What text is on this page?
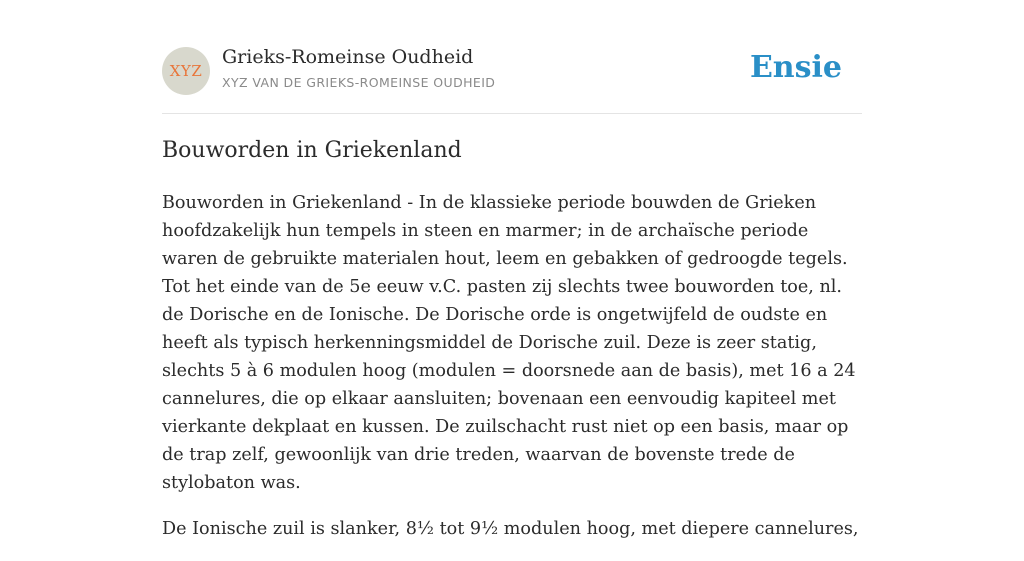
XYZ
Grieks-Romeinse Oudheid
XYZ VAN DE GRIEKS-ROMEINSE OUDHEID	Ensie
Bouworden in Griekenland

Bouworden in Griekenland - In de klassieke periode bouwden de Grieken hoofdzakelijk hun tempels in steen en marmer; in de archaïsche periode waren de gebruikte materialen hout, leem en gebakken of gedroogde tegels. Tot het einde van de 5e eeuw v.C. pasten zij slechts twee bouworden toe, nl. de Dorische en de Ionische. De Dorische orde is ongetwijfeld de oudste en heeft als typisch herkenningsmiddel de Dorische zuil. Deze is zeer statig, slechts 5 à 6 modulen hoog (modulen = doorsnede aan de basis), met 16 a 24 cannelures, die op elkaar aansluiten; bovenaan een eenvoudig kapiteel met vierkante dekplaat en kussen. De zuilschacht rust niet op een basis, maar op de trap zelf, gewoonlijk van drie treden, waarvan de bovenste trede de stylobaton was.

De Ionische zuil is slanker, 8½ tot 9½ modulen hoog, met diepere cannelures,
